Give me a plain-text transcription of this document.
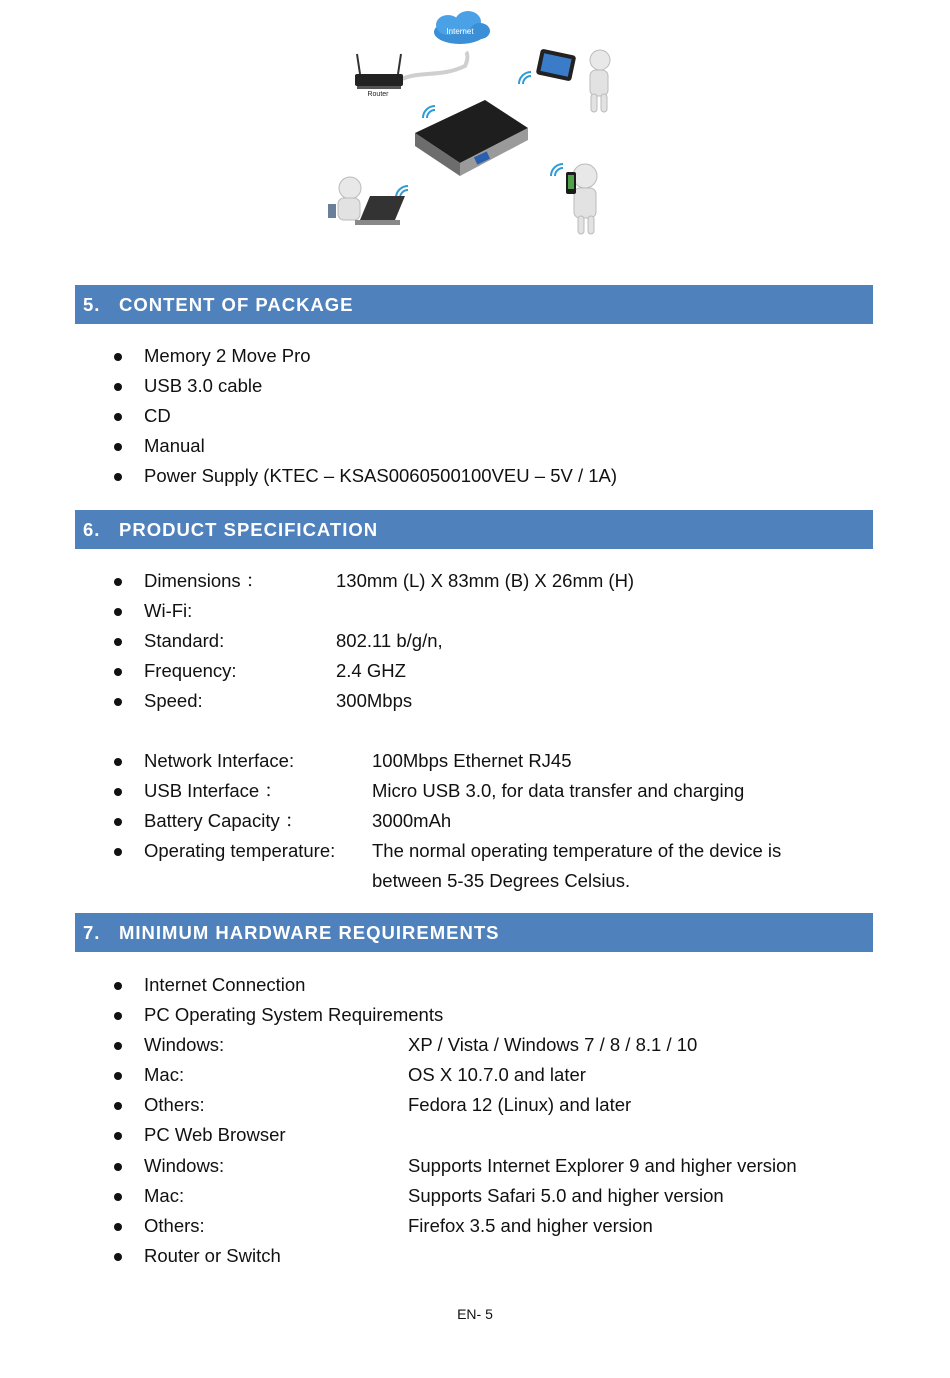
Internet
Router
5.	CONTENT OF PACKAGE
Memory 2 Move Pro
USB 3.0 cable
CD
Manual
Power Supply (KTEC – KSAS0060500100VEU – 5V / 1A)
6.	PRODUCT SPECIFICATION
Dimensions ：	130mm (L) X 83mm (B) X 26mm (H)
Wi-Fi:
Standard:	802.11 b/g/n,
Frequency:	2.4 GHZ
Speed:	300Mbps
Network Interface:	100Mbps Ethernet RJ45
USB Interface ：	Micro USB 3.0, for data transfer and charging
Battery Capacity ：	3000mAh
Operating temperature: The normal operating temperature of the device is
between 5-35 Degrees Celsius.
7.	MINIMUM HARDWARE REQUIREMENTS
Internet Connection
PC Operating System Requirements
Windows:	XP / Vista / Windows 7 / 8 / 8.1 / 10
Mac:	OS X 10.7.0 and later
Others:	Fedora 12 (Linux) and later
PC Web Browser
Windows:	Supports Internet Explorer 9 and higher version
Mac:	Supports Safari 5.0 and higher version
Others:	Firefox 3.5 and higher version
Router or Switch
EN- 5
